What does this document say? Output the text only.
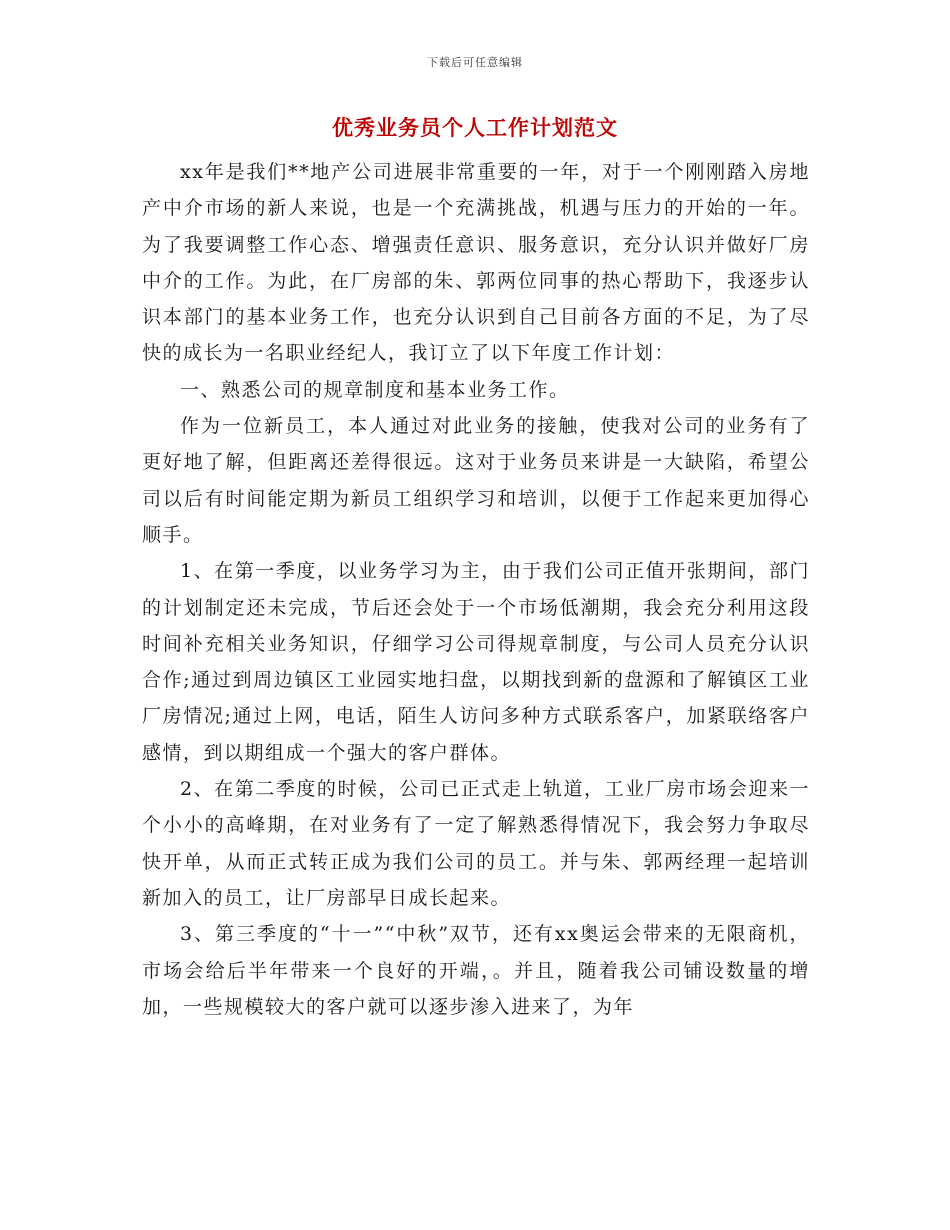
下载后可任意编辑
优秀业务员个人工作计划范文

xx年是我们**地产公司进展非常重要的一年，对于一个刚刚踏入房地产中介市场的新人来说，也是一个充满挑战，机遇与压力的开始的一年。为了我要调整工作心态、增强责任意识、服务意识，充分认识并做好厂房中介的工作。为此，在厂房部的朱、郭两位同事的热心帮助下，我逐步认识本部门的基本业务工作，也充分认识到自己目前各方面的不足，为了尽快的成长为一名职业经纪人，我订立了以下年度工作计划：

一、熟悉公司的规章制度和基本业务工作。

作为一位新员工，本人通过对此业务的接触，使我对公司的业务有了更好地了解，但距离还差得很远。这对于业务员来讲是一大缺陷，希望公司以后有时间能定期为新员工组织学习和培训，以便于工作起来更加得心顺手。

1、在第一季度，以业务学习为主，由于我们公司正值开张期间，部门的计划制定还未完成，节后还会处于一个市场低潮期，我会充分利用这段时间补充相关业务知识，仔细学习公司得规章制度，与公司人员充分认识合作;通过到周边镇区工业园实地扫盘，以期找到新的盘源和了解镇区工业厂房情况;通过上网，电话，陌生人访问多种方式联系客户，加紧联络客户感情，到以期组成一个强大的客户群体。

2、在第二季度的时候，公司已正式走上轨道，工业厂房市场会迎来一个小小的高峰期，在对业务有了一定了解熟悉得情况下，我会努力争取尽快开单，从而正式转正成为我们公司的员工。并与朱、郭两经理一起培训新加入的员工，让厂房部早日成长起来。

3、第三季度的“十一”“中秋”双节，还有xx奥运会带来的无限商机，市场会给后半年带来一个良好的开端，。并且，随着我公司铺设数量的增加，一些规模较大的客户就可以逐步渗入进来了，为年
